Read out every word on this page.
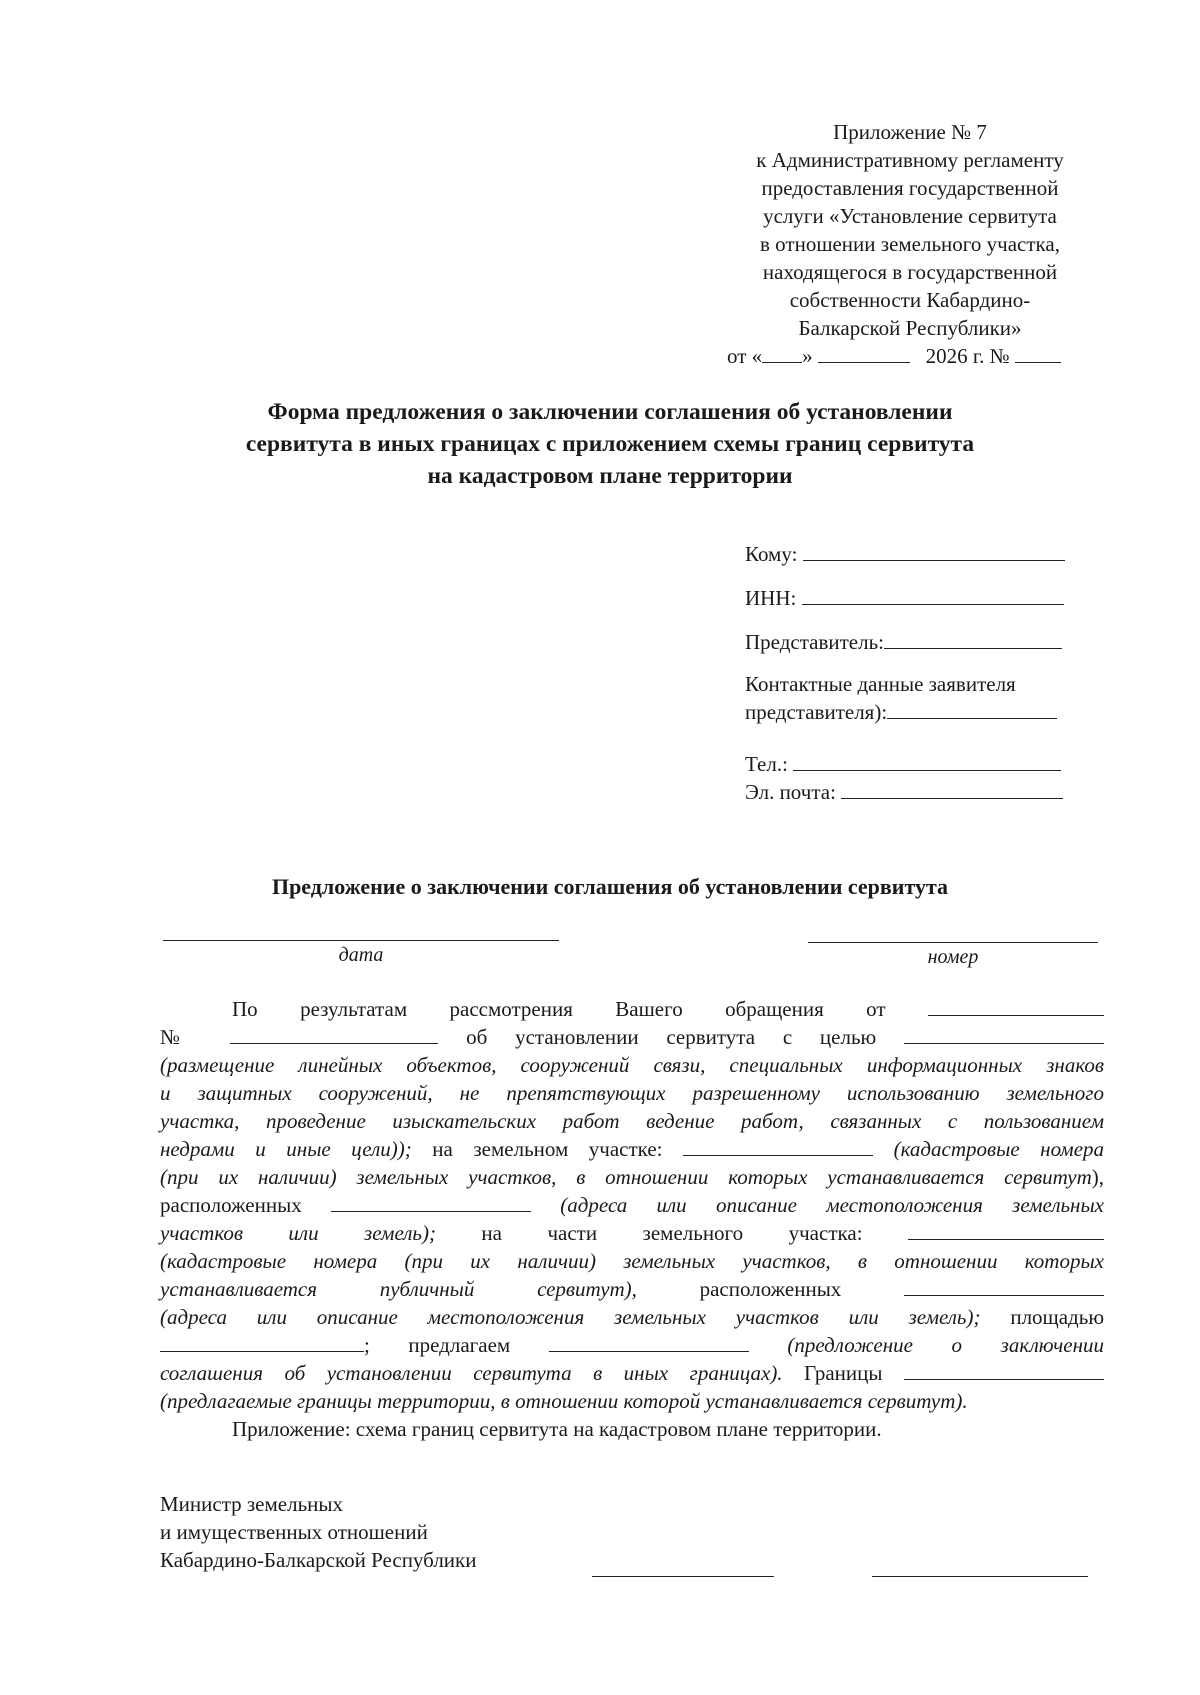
Приложение № 7
к Административному регламенту
предоставления государственной
услуги «Установление сервитута
в отношении земельного участка,
находящегося в государственной
собственности Кабардино-
Балкарской Республики»
от « »	2026 г. №
Форма предложения о заключении соглашения об установлении
сервитута в иных границах с приложением схемы границ сервитута
на кадастровом плане территории
Кому:
ИНН:
Представитель:
Контактные данные заявителя
представителя):
Тел.:
Эл. почта:
Предложение о заключении соглашения об установлении сервитута
дата	номер
По результатам рассмотрения Вашего обращения от
№	об установлении сервитута с целью
(размещение линейных объектов, сооружений связи, специальных информационных знаков
и защитных сооружений, не препятствующих разрешенному использованию земельного
участка, проведение изыскательских работ ведение работ, связанных с пользованием
недрами и иные цели)); на земельном участке:	(кадастровые номера
(при их наличии) земельных участков, в отношении которых устанавливается сервитут),
расположенных	(адреса или описание местоположения земельных
участков или земель); на части земельного участка:
(кадастровые номера (при их наличии) земельных участков, в отношении которых
устанавливается публичный сервитут),	расположенных
(адреса или описание местоположения земельных участков или земель); площадью
; предлагаем	(предложение о заключении
соглашения об установлении сервитута в иных границах). Границы
(предлагаемые границы территории, в отношении которой устанавливается сервитут).
Приложение: схема границ сервитута на кадастровом плане территории.
Министр земельных
и имущественных отношений
Кабардино-Балкарской Республики
